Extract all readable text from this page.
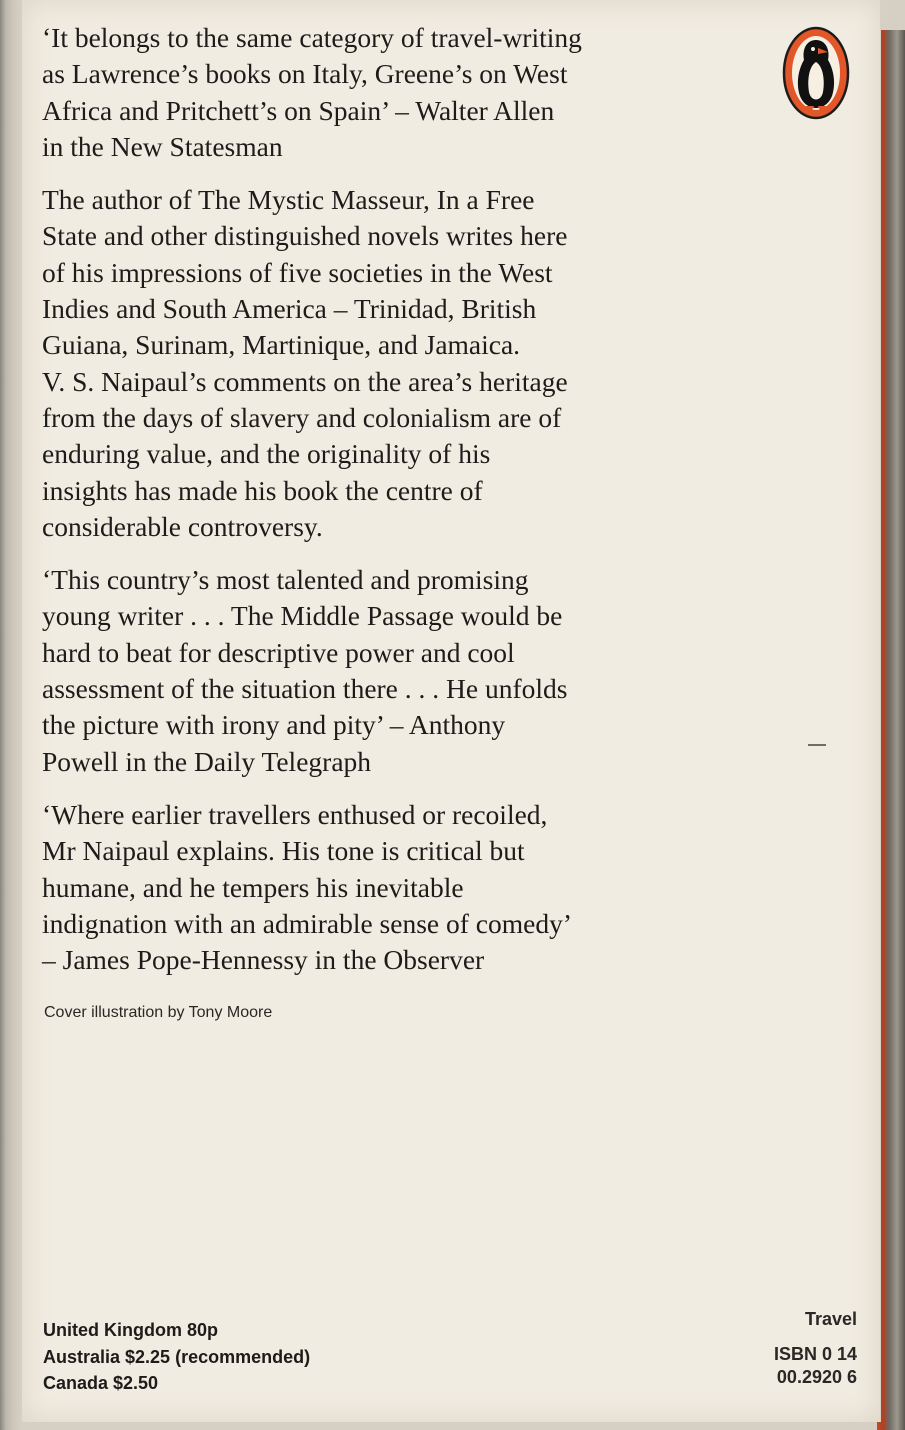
‘It belongs to the same category of travel-writing
as Lawrence’s books on Italy, Greene’s on West
Africa and Pritchett’s on Spain’ – Walter Allen
in the New Statesman

The author of The Mystic Masseur, In a Free
State and other distinguished novels writes here
of his impressions of five societies in the West
Indies and South America – Trinidad, British
Guiana, Surinam, Martinique, and Jamaica.
V. S. Naipaul’s comments on the area’s heritage
from the days of slavery and colonialism are of
enduring value, and the originality of his
insights has made his book the centre of
considerable controversy.

‘This country’s most talented and promising
young writer . . . The Middle Passage would be
hard to beat for descriptive power and cool
assessment of the situation there . . . He unfolds
the picture with irony and pity’ – Anthony
Powell in the Daily Telegraph

‘Where earlier travellers enthused or recoiled,
Mr Naipaul explains. His tone is critical but
humane, and he tempers his inevitable
indignation with an admirable sense of comedy’
– James Pope-Hennessy in the Observer

Cover illustration by Tony Moore
United Kingdom 80p
Australia $2.25 (recommended)
Canada $2.50
Travel
ISBN 0 14
00.2920 6
